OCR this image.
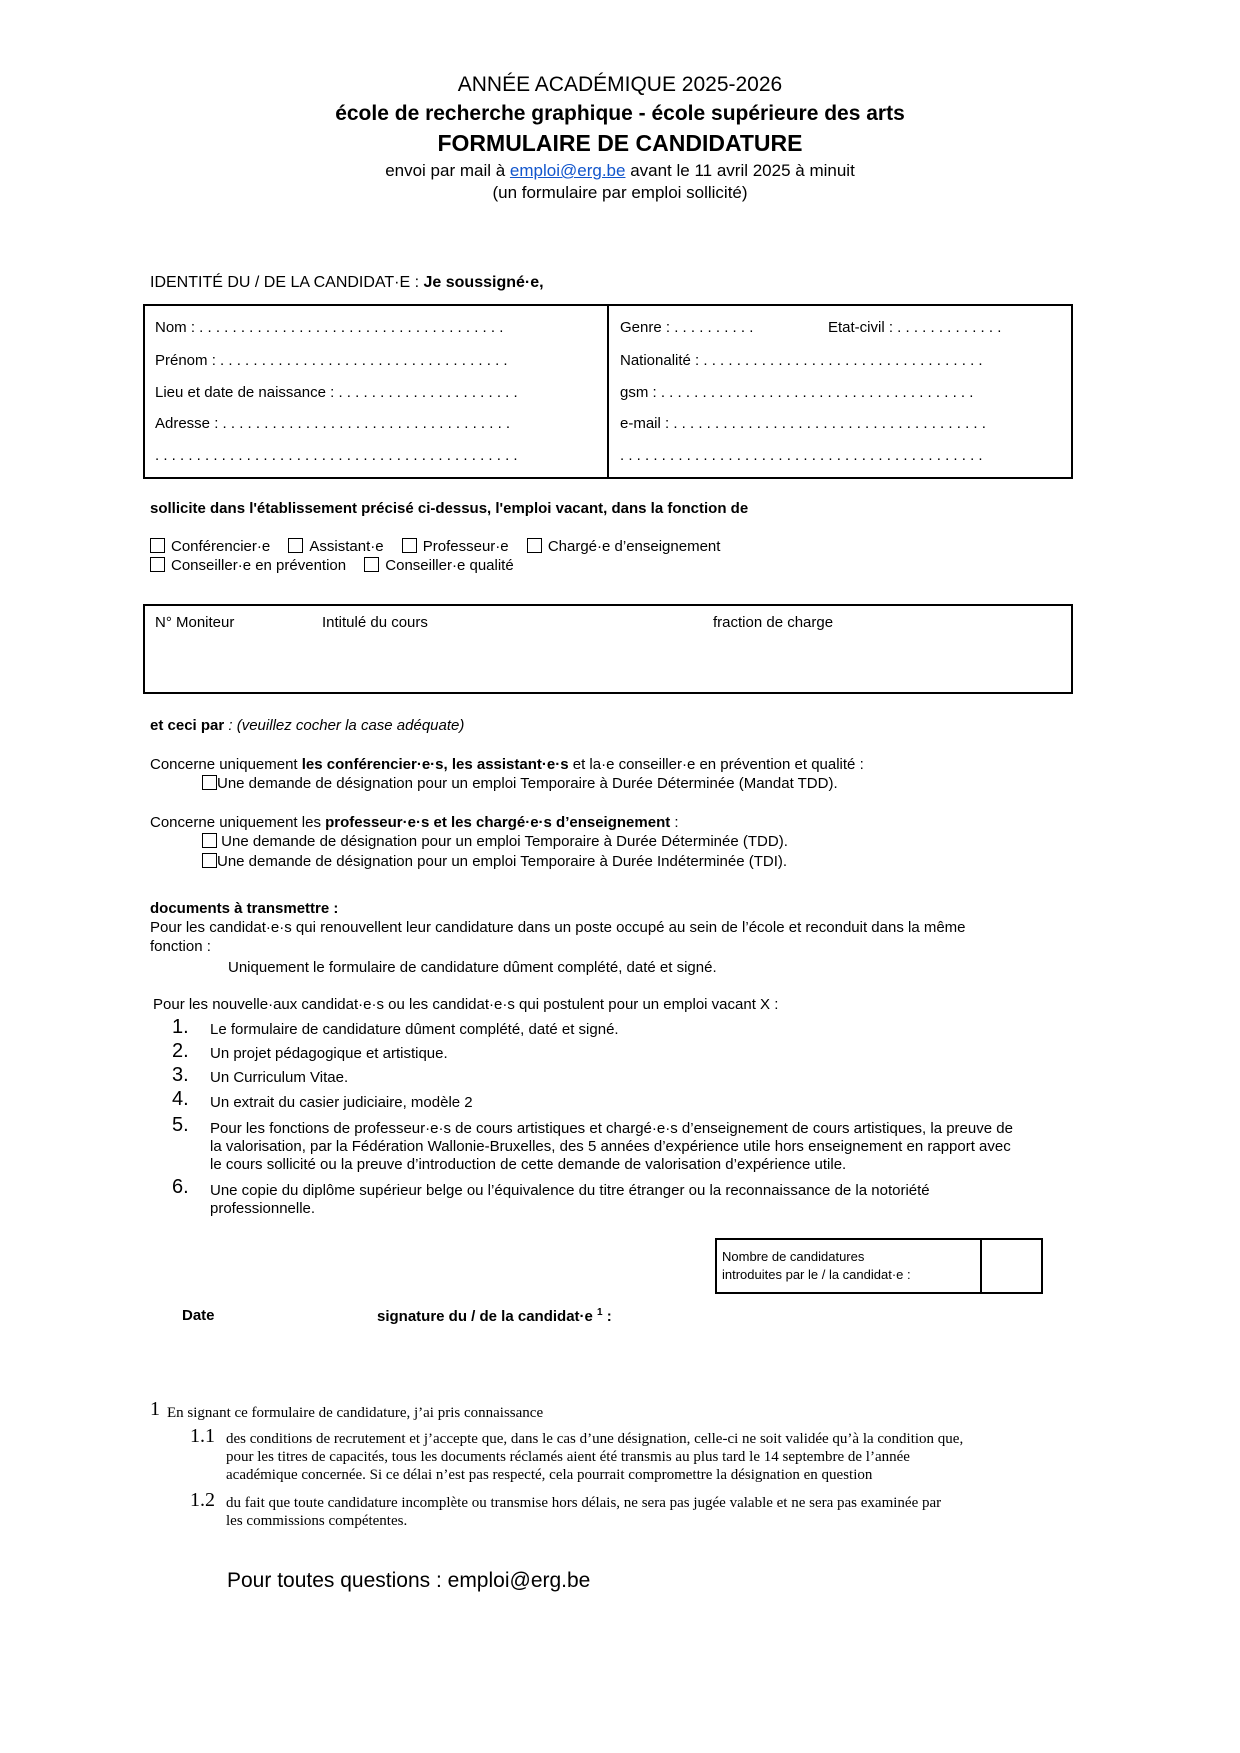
ANNÉE ACADÉMIQUE 2025-2026
école de recherche graphique - école supérieure des arts
FORMULAIRE DE CANDIDATURE
envoi par mail à emploi@erg.be avant le 11 avril 2025 à minuit
(un formulaire par emploi sollicité)
IDENTITÉ DU / DE LA CANDIDAT·E : Je soussigné·e,
Nom : . . . . . . . . . . . . . . . . . . . . . . . . . . . . . . . . . . . . .
Prénom : . . . . . . . . . . . . . . . . . . . . . . . . . . . . . . . . . . .
Lieu et date de naissance : . . . . . . . . . . . . . . . . . . . . . .
Adresse : . . . . . . . . . . . . . . . . . . . . . . . . . . . . . . . . . . .
. . . . . . . . . . . . . . . . . . . . . . . . . . . . . . . . . . . . . . . . . . . .
Genre : . . . . . . . . . .	Etat-civil : . . . . . . . . . . . . .
Nationalité : . . . . . . . . . . . . . . . . . . . . . . . . . . . . . . . . . .
gsm : . . . . . . . . . . . . . . . . . . . . . . . . . . . . . . . . . . . . . .
e-mail : . . . . . . . . . . . . . . . . . . . . . . . . . . . . . . . . . . . . . .
. . . . . . . . . . . . . . . . . . . . . . . . . . . . . . . . . . . . . . . . . . . .
sollicite dans l'établissement précisé ci-dessus, l'emploi vacant, dans la fonction de
Conférencier·e	Assistant·e	Professeur·e	Chargé·e d’enseignement
Conseiller·e en prévention	Conseiller·e qualité
N° Moniteur	Intitulé du cours	fraction de charge
et ceci par : (veuillez cocher la case adéquate)
Concerne uniquement les conférencier·e·s, les assistant·e·s et la·e conseiller·e en prévention et qualité :
Une demande de désignation pour un emploi Temporaire à Durée Déterminée (Mandat TDD).
Concerne uniquement les professeur·e·s et les chargé·e·s d’enseignement :
Une demande de désignation pour un emploi Temporaire à Durée Déterminée (TDD).
Une demande de désignation pour un emploi Temporaire à Durée Indéterminée (TDI).
documents à transmettre :
Pour les candidat·e·s qui renouvellent leur candidature dans un poste occupé au sein de l’école et reconduit dans la même
fonction :
Uniquement le formulaire de candidature dûment complété, daté et signé.
Pour les nouvelle·aux candidat·e·s ou les candidat·e·s qui postulent pour un emploi vacant X :
1. Le formulaire de candidature dûment complété, daté et signé.
2. Un projet pédagogique et artistique.
3. Un Curriculum Vitae.
4. Un extrait du casier judiciaire, modèle 2
5. Pour les fonctions de professeur·e·s de cours artistiques et chargé·e·s d’enseignement de cours artistiques, la preuve de
la valorisation, par la Fédération Wallonie-Bruxelles, des 5 années d’expérience utile hors enseignement en rapport avec
le cours sollicité ou la preuve d’introduction de cette demande de valorisation d’expérience utile.
6. Une copie du diplôme supérieur belge ou l’équivalence du titre étranger ou la reconnaissance de la notoriété
professionnelle.
Nombre de candidatures
introduites par le / la candidat·e :
Date	signature du / de la candidat·e $^1$ :
1 En signant ce formulaire de candidature, j’ai pris connaissance
1.1 des conditions de recrutement et j’accepte que, dans le cas d’une désignation, celle-ci ne soit validée qu’à la condition que,
pour les titres de capacités, tous les documents réclamés aient été transmis au plus tard le 14 septembre de l’année
académique concernée. Si ce délai n’est pas respecté, cela pourrait compromettre la désignation en question
1.2 du fait que toute candidature incomplète ou transmise hors délais, ne sera pas jugée valable et ne sera pas examinée par
les commissions compétentes.
Pour toutes questions : emploi@erg.be
